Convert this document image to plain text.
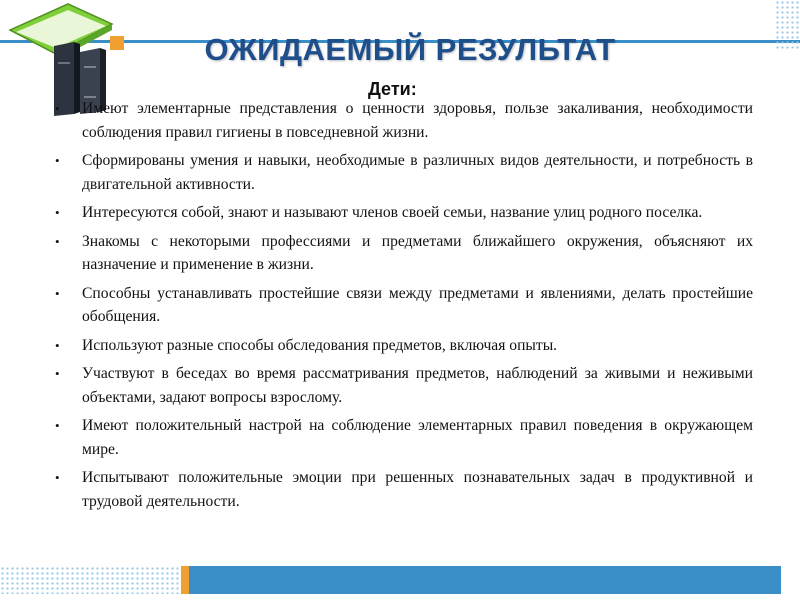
ОЖИДАЕМЫЙ РЕЗУЛЬТАТ
Дети:
• Имеют элементарные представления о ценности здоровья, пользе закаливания, необходимости соблюдения правил гигиены в повседневной жизни.
• Сформированы умения и навыки, необходимые в различных видов деятельности, и потребность в двигательной активности.
• Интересуются собой, знают и называют членов своей семьи, название улиц родного поселка.
• Знакомы с некоторыми профессиями и предметами ближайшего окружения, объясняют их назначение и применение в жизни.
• Способны устанавливать простейшие связи между предметами и явлениями, делать простейшие обобщения.
• Используют разные способы обследования предметов, включая опыты.
• Участвуют в беседах во время рассматривания предметов, наблюдений за живыми и неживыми объектами, задают вопросы взрослому.
• Имеют положительный настрой на соблюдение элементарных правил поведения в окружающем мире.
• Испытывают положительные эмоции при решенных познавательных задач в продуктивной и трудовой деятельности.
